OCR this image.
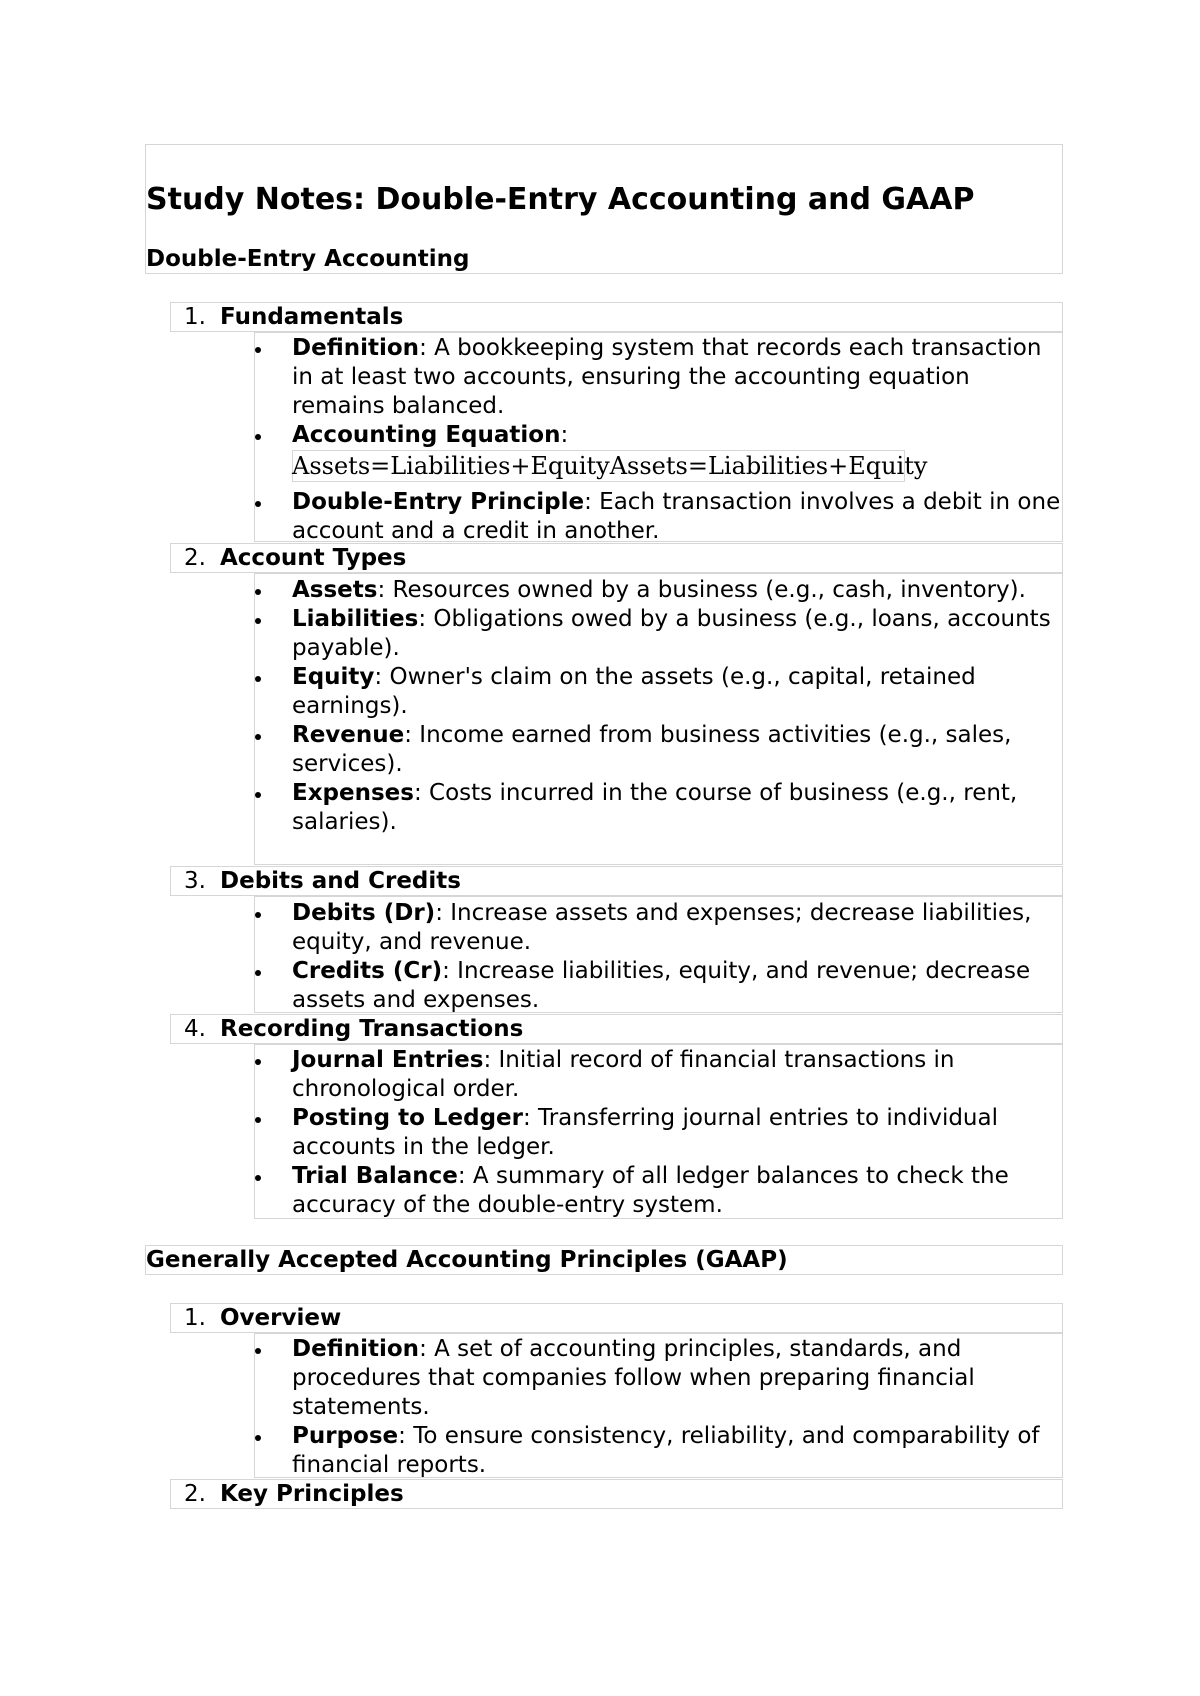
Study Notes: Double-Entry Accounting and GAAP
Double-Entry Accounting
1. Fundamentals
Definition: A bookkeeping system that records each transaction in at least two accounts, ensuring the accounting equation remains balanced.
Accounting Equation:
Double-Entry Principle: Each transaction involves a debit in one account and a credit in another.
Assets=Liabilities+EquityAssets=Liabilities+Equity
2. Account Types
Assets: Resources owned by a business (e.g., cash, inventory).
Liabilities: Obligations owed by a business (e.g., loans, accounts payable).
Equity: Owner's claim on the assets (e.g., capital, retained earnings).
Revenue: Income earned from business activities (e.g., sales, services).
Expenses: Costs incurred in the course of business (e.g., rent, salaries).
3. Debits and Credits
Debits (Dr): Increase assets and expenses; decrease liabilities, equity, and revenue.
Credits (Cr): Increase liabilities, equity, and revenue; decrease assets and expenses.
4. Recording Transactions
Journal Entries: Initial record of financial transactions in chronological order.
Posting to Ledger: Transferring journal entries to individual accounts in the ledger.
Trial Balance: A summary of all ledger balances to check the accuracy of the double-entry system.
Generally Accepted Accounting Principles (GAAP)
1. Overview
Definition: A set of accounting principles, standards, and procedures that companies follow when preparing financial statements.
Purpose: To ensure consistency, reliability, and comparability of financial reports.
2. Key Principles
